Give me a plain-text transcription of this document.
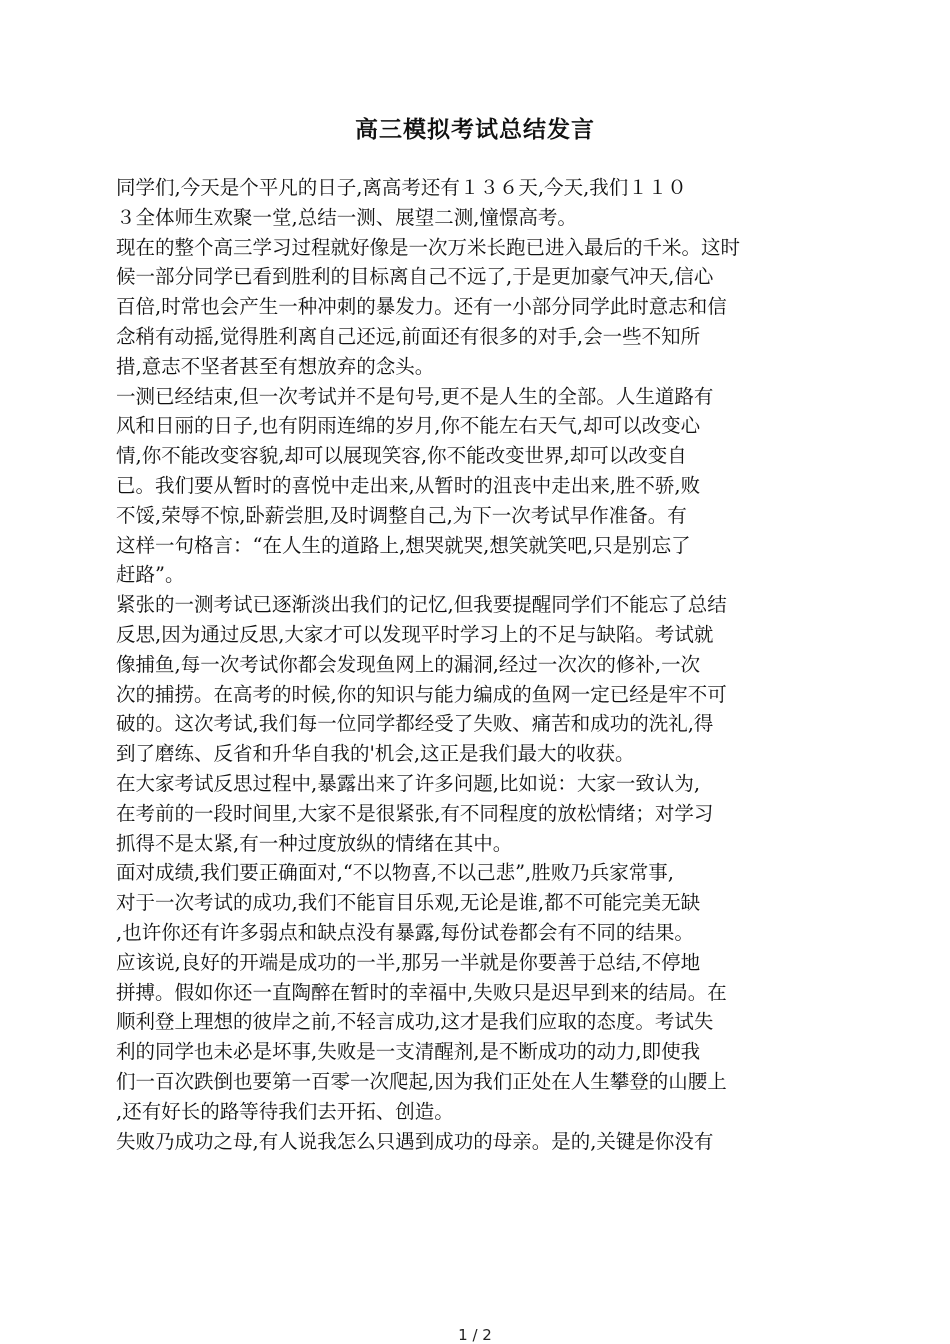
高三模拟考试总结发言
同学们,今天是个平凡的日子,离高考还有１３６天,今天,我们１１０
３全体师生欢聚一堂,总结一测、展望二测,憧憬高考。
现在的整个高三学习过程就好像是一次万米长跑已进入最后的千米。这时
候一部分同学已看到胜利的目标离自己不远了,于是更加豪气冲天,信心
百倍,时常也会产生一种冲刺的暴发力。还有一小部分同学此时意志和信
念稍有动摇,觉得胜利离自己还远,前面还有很多的对手,会一些不知所
措,意志不坚者甚至有想放弃的念头。
一测已经结束,但一次考试并不是句号,更不是人生的全部。人生道路有
风和日丽的日子,也有阴雨连绵的岁月,你不能左右天气,却可以改变心
情,你不能改变容貌,却可以展现笑容,你不能改变世界,却可以改变自
已。我们要从暂时的喜悦中走出来,从暂时的沮丧中走出来,胜不骄,败
不馁,荣辱不惊,卧薪尝胆,及时调整自己,为下一次考试早作准备。有
这样一句格言：“在人生的道路上,想哭就哭,想笑就笑吧,只是别忘了
赶路”。
紧张的一测考试已逐渐淡出我们的记忆,但我要提醒同学们不能忘了总结
反思,因为通过反思,大家才可以发现平时学习上的不足与缺陷。考试就
像捕鱼,每一次考试你都会发现鱼网上的漏洞,经过一次次的修补,一次
次的捕捞。在高考的时候,你的知识与能力编成的鱼网一定已经是牢不可
破的。这次考试,我们每一位同学都经受了失败、痛苦和成功的洗礼,得
到了磨练、反省和升华自我的'机会,这正是我们最大的收获。
在大家考试反思过程中,暴露出来了许多问题,比如说：大家一致认为,
在考前的一段时间里,大家不是很紧张,有不同程度的放松情绪；对学习
抓得不是太紧,有一种过度放纵的情绪在其中。
面对成绩,我们要正确面对,“不以物喜,不以己悲”,胜败乃兵家常事,
对于一次考试的成功,我们不能盲目乐观,无论是谁,都不可能完美无缺
,也许你还有许多弱点和缺点没有暴露,每份试卷都会有不同的结果。
应该说,良好的开端是成功的一半,那另一半就是你要善于总结,不停地
拼搏。假如你还一直陶醉在暂时的幸福中,失败只是迟早到来的结局。在
顺利登上理想的彼岸之前,不轻言成功,这才是我们应取的态度。考试失
利的同学也未必是坏事,失败是一支清醒剂,是不断成功的动力,即使我
们一百次跌倒也要第一百零一次爬起,因为我们正处在人生攀登的山腰上
,还有好长的路等待我们去开拓、创造。
失败乃成功之母,有人说我怎么只遇到成功的母亲。是的,关键是你没有
1 / 2
